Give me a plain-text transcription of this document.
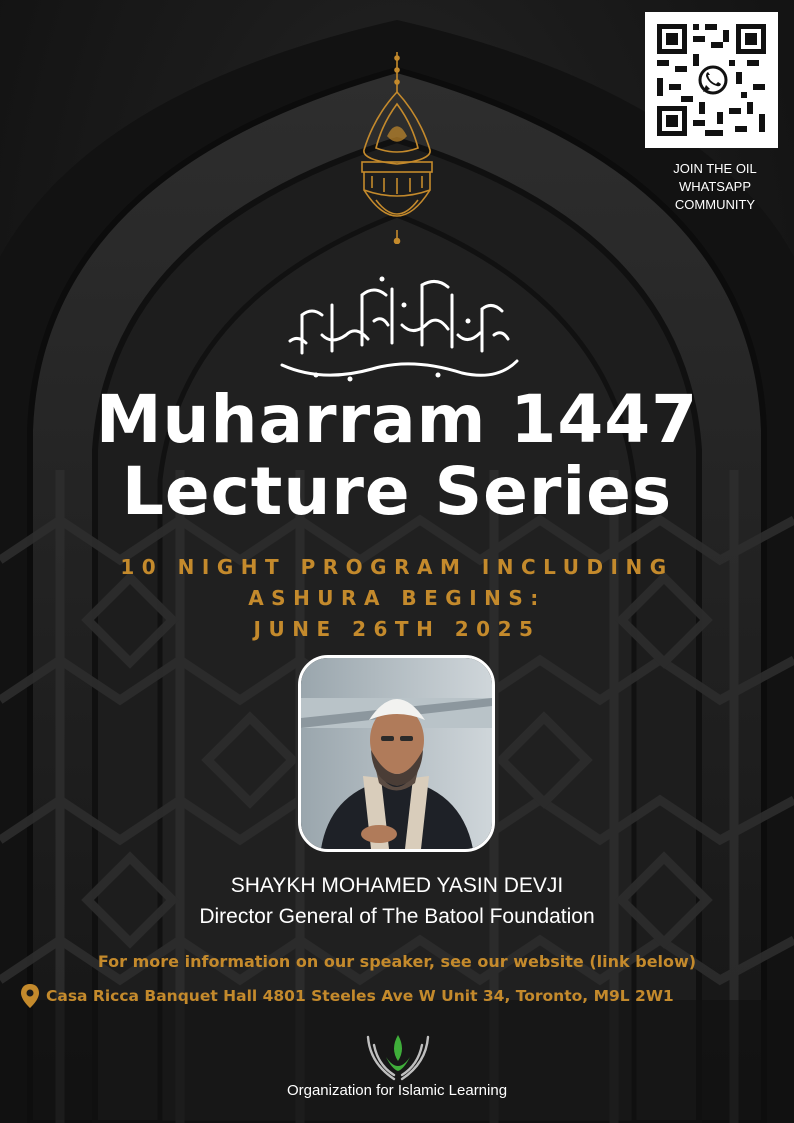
JOIN THE OIL
WHATSAPP
COMMUNITY
Muharram 1447
Lecture Series
10 NIGHT PROGRAM INCLUDING
ASHURA BEGINS:
JUNE 26TH 2025
SHAYKH MOHAMED YASIN DEVJI
Director General of The Batool Foundation
For more information on our speaker, see our website (link below)
Casa Ricca Banquet Hall 4801 Steeles Ave W Unit 34, Toronto, M9L 2W1
Organization for Islamic Learning
